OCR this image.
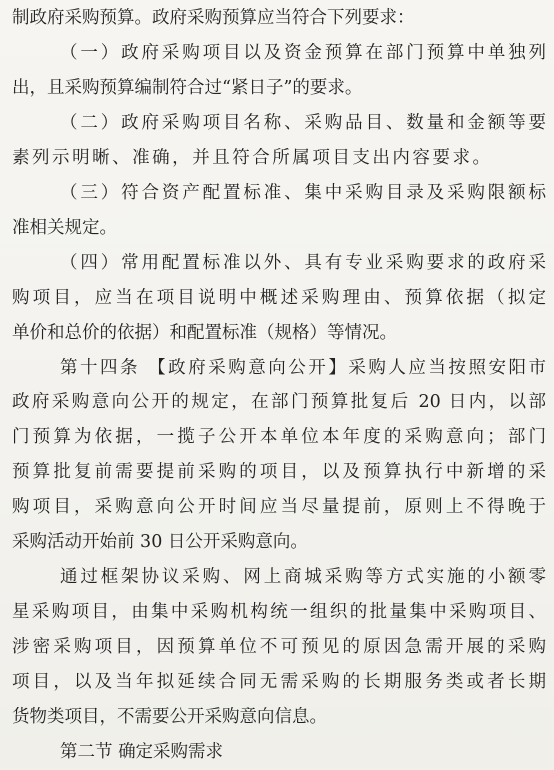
制政府采购预算。政府采购预算应当符合下列要求：
（一）政府采购项目以及资金预算在部门预算中单独列
出，且采购预算编制符合过“紧日子”的要求。
（二）政府采购项目名称、采购品目、数量和金额等要
素列示明晰、准确，并且符合所属项目支出内容要求。
（三）符合资产配置标准、集中采购目录及采购限额标
准相关规定。
（四）常用配置标准以外、具有专业采购要求的政府采
购项目，应当在项目说明中概述采购理由、预算依据（拟定
单价和总价的依据）和配置标准（规格）等情况。
第十四条 【政府采购意向公开】采购人应当按照安阳市
政府采购意向公开的规定，在部门预算批复后 20 日内，以部
门预算为依据，一揽子公开本单位本年度的采购意向；部门
预算批复前需要提前采购的项目，以及预算执行中新增的采
购项目，采购意向公开时间应当尽量提前，原则上不得晚于
采购活动开始前 30 日公开采购意向。
通过框架协议采购、网上商城采购等方式实施的小额零
星采购项目，由集中采购机构统一组织的批量集中采购项目、
涉密采购项目，因预算单位不可预见的原因急需开展的采购
项目，以及当年拟延续合同无需采购的长期服务类或者长期
货物类项目，不需要公开采购意向信息。
第二节 确定采购需求
